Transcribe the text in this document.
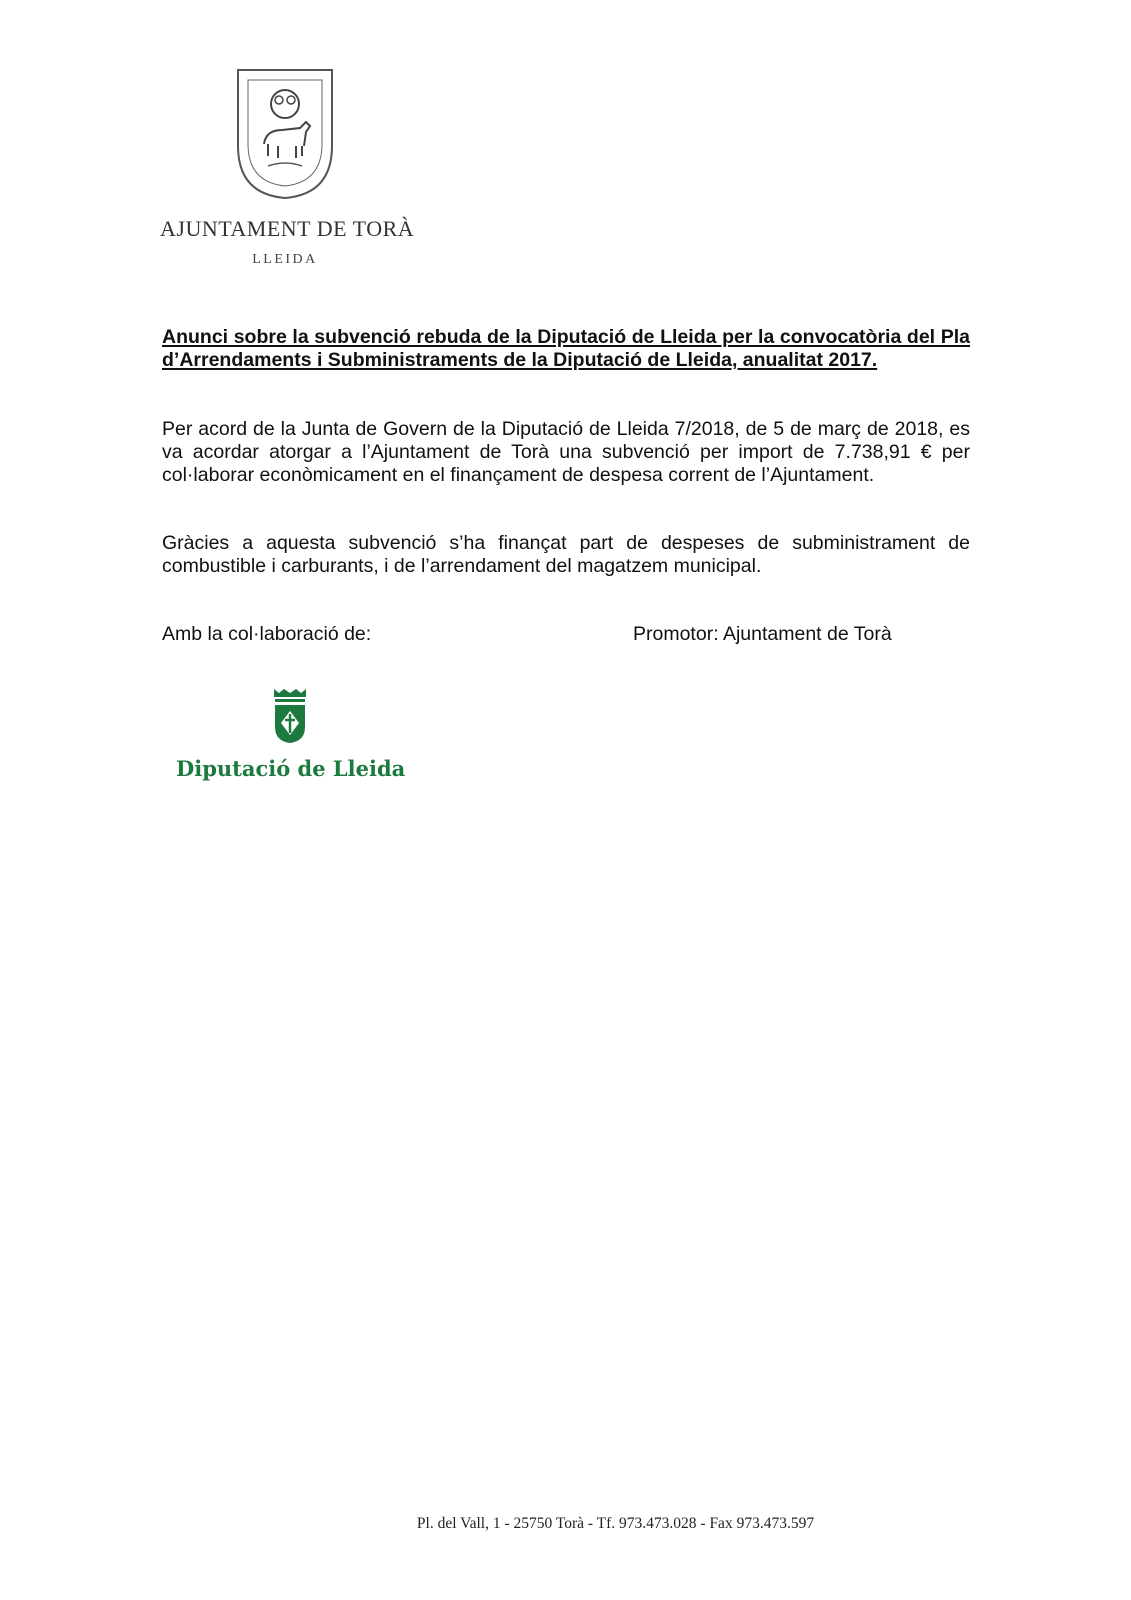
AJUNTAMENT DE TORÀ
LLEIDA
Anunci sobre la subvenció rebuda de la Diputació de Lleida per la convocatòria del Pla d’Arrendaments i Subministraments de la Diputació de Lleida, anualitat 2017.
Per acord de la Junta de Govern de la Diputació de Lleida 7/2018, de 5 de març de 2018, es va acordar atorgar a l’Ajuntament de Torà una subvenció per import de 7.738,91 € per col·laborar econòmicament en el finançament de despesa corrent de l’Ajuntament.
Gràcies a aquesta subvenció s’ha finançat part de despeses de subministrament de combustible i carburants, i de l’arrendament del magatzem municipal.
Amb la col·laboració de:	Promotor: Ajuntament de Torà
Diputació de Lleida
Pl. del Vall, 1 - 25750 Torà - Tf. 973.473.028 - Fax 973.473.597
